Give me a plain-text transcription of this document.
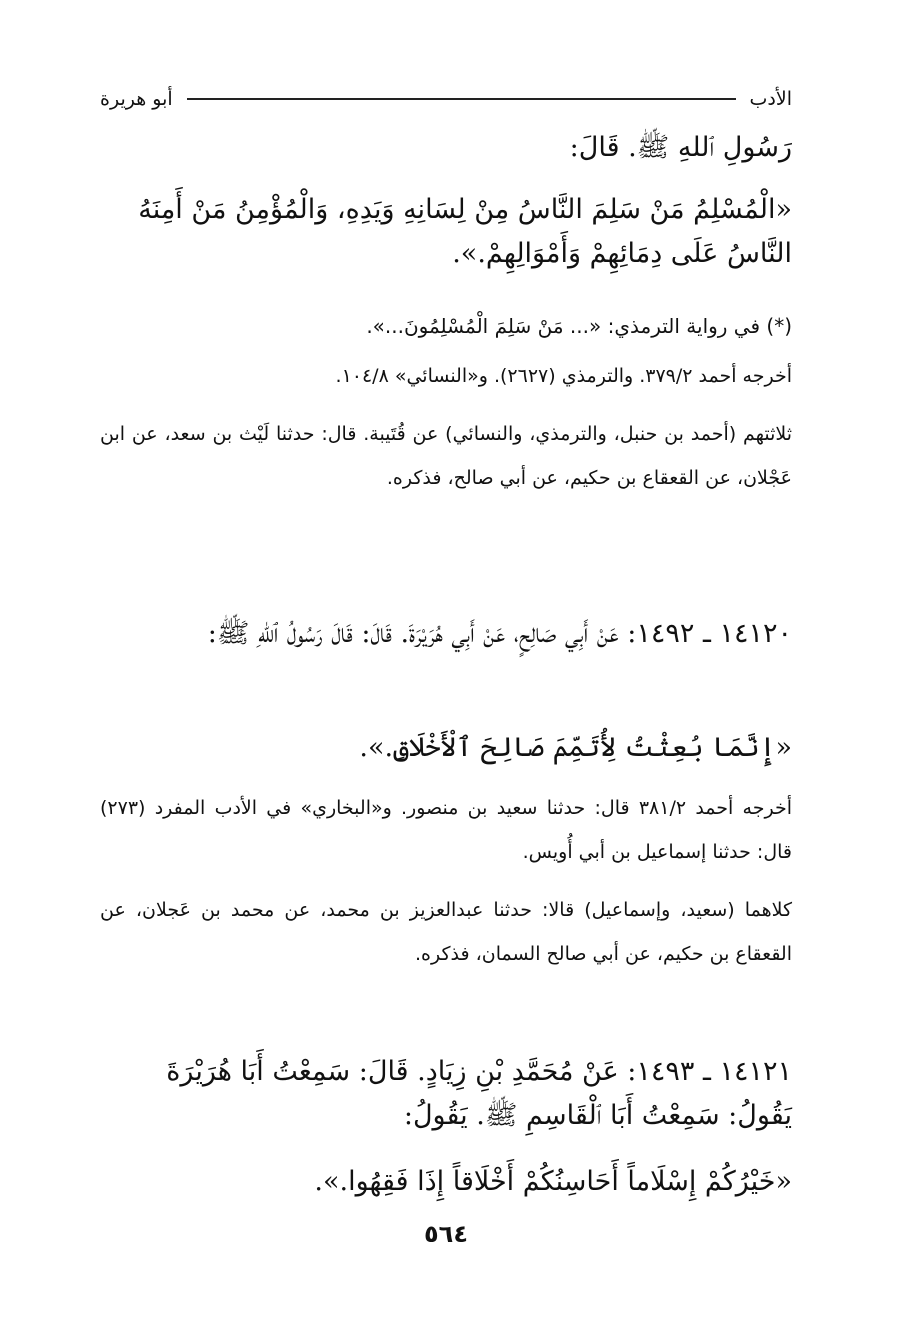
الأدب
أبو هريرة
رَسُولِ ٱللهِ ﷺ. قَالَ:
«الْمُسْلِمُ مَنْ سَلِمَ النَّاسُ مِنْ لِسَانِهِ وَيَدِهِ، وَالْمُؤْمِنُ مَنْ أَمِنَهُ النَّاسُ عَلَى دِمَائِهِمْ وَأَمْوَالِهِمْ.».
(*) في رواية الترمذي: «... مَنْ سَلِمَ الْمُسْلِمُونَ...».
أخرجه أحمد ٣٧٩/٢. والترمذي (٢٦٢٧). و«النسائي» ١٠٤/٨.
ثلاثتهم (أحمد بن حنبل، والترمذي، والنسائي) عن قُتَيبة. قال: حدثنا لَيْث بن سعد، عن ابن عَجْلان، عن القعقاع بن حكيم، عن أبي صالح، فذكره.
١٤١٢٠ ـ ١٤٩٢: عَنْ أَبِي صَالِحٍ، عَنْ أَبِي هُرَيْرَةَ. قَالَ: قَالَ رَسُولُ ٱللهِ ﷺ:
«إِنَّمَا بُعِثْتُ لِأُتَمِّمَ صَالِحَ ٱلْأَخْلَاقِ.».
أخرجه أحمد ٣٨١/٢ قال: حدثنا سعيد بن منصور. و«البخاري» في الأدب المفرد (٢٧٣) قال: حدثنا إسماعيل بن أبي أُويس.
كلاهما (سعيد، وإسماعيل) قالا: حدثنا عبدالعزيز بن محمد، عن محمد بن عَجلان، عن القعقاع بن حكيم، عن أبي صالح السمان، فذكره.
١٤١٢١ ـ ١٤٩٣: عَنْ مُحَمَّدِ بْنِ زِيَادٍ. قَالَ: سَمِعْتُ أَبَا هُرَيْرَةَ يَقُولُ: سَمِعْتُ أَبَا ٱلْقَاسِمِ ﷺ. يَقُولُ:
«خَيْرُكُمْ إِسْلَاماً أَحَاسِنُكُمْ أَخْلَاقاً إِذَا فَقِهُوا.».
٥٦٤
